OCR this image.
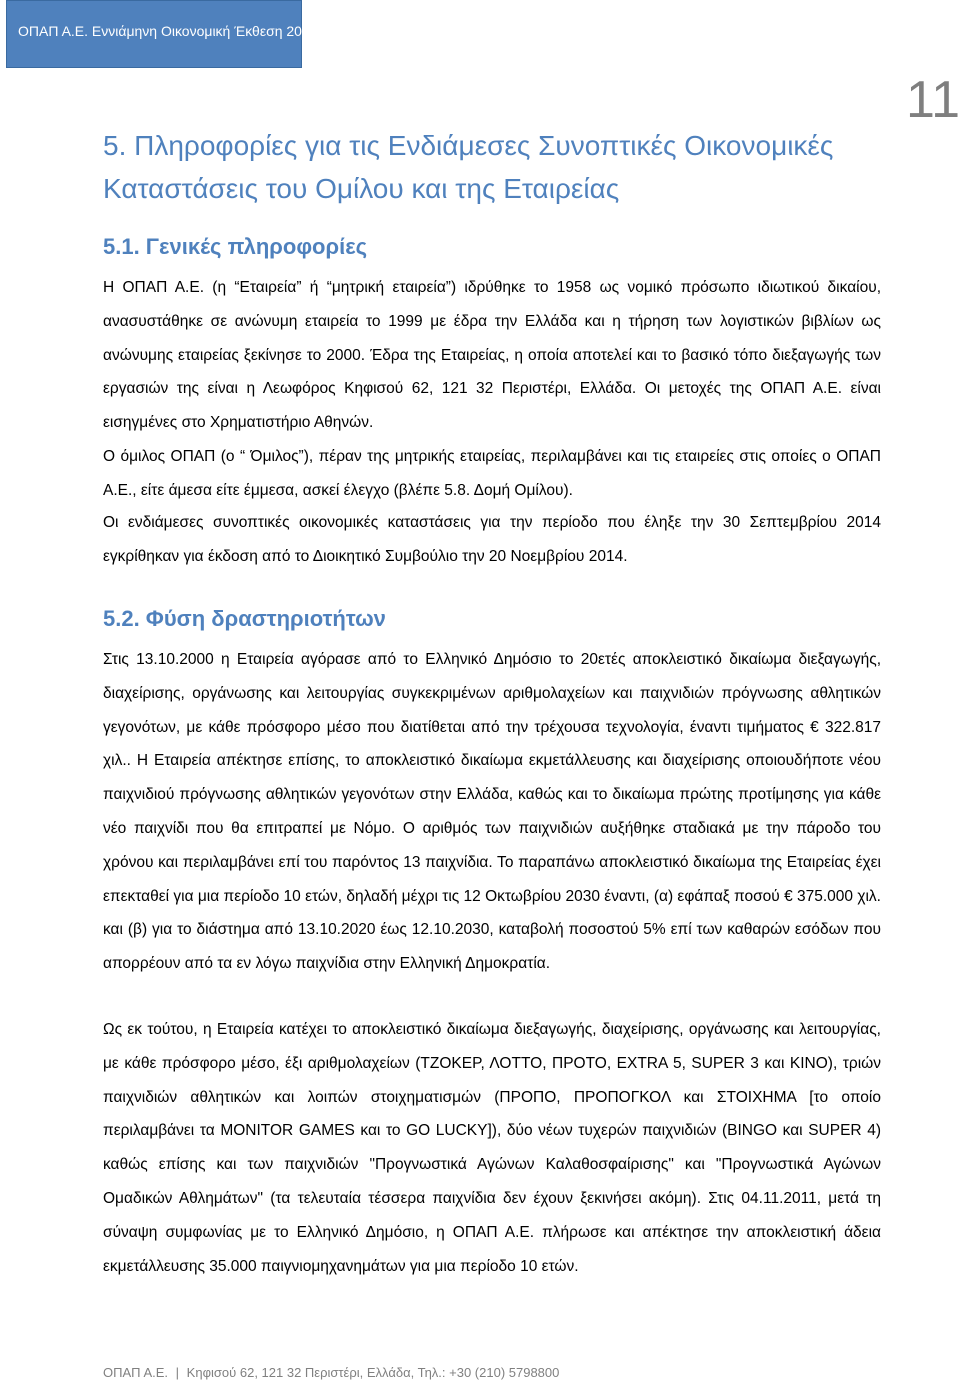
ΟΠΑΠ Α.Ε. Εννιάμηνη Οικονομική Έκθεση 2014
11
5. Πληροφορίες για τις Ενδιάμεσες Συνοπτικές Οικονομικές Καταστάσεις του Ομίλου και της Εταιρείας
5.1. Γενικές πληροφορίες

Η ΟΠΑΠ Α.Ε. (η “Εταιρεία” ή “μητρική εταιρεία”) ιδρύθηκε το 1958 ως νομικό πρόσωπο ιδιωτικού δικαίου, ανασυστάθηκε σε ανώνυμη εταιρεία το 1999 με έδρα την Ελλάδα και η τήρηση των λογιστικών βιβλίων ως ανώνυμης εταιρείας ξεκίνησε το 2000. Έδρα της Εταιρείας, η οποία αποτελεί και το βασικό τόπο διεξαγωγής των εργασιών της είναι η Λεωφόρος Κηφισού 62, 121 32 Περιστέρι, Ελλάδα. Οι μετοχές της ΟΠΑΠ Α.Ε. είναι εισηγμένες στο Χρηματιστήριο Αθηνών.

Ο όμιλος ΟΠΑΠ (ο “ Όμιλος”), πέραν της μητρικής εταιρείας, περιλαμβάνει και τις εταιρείες στις οποίες ο ΟΠΑΠ Α.Ε., είτε άμεσα είτε έμμεσα, ασκεί έλεγχο (βλέπε 5.8. Δομή Ομίλου).

Οι ενδιάμεσες συνοπτικές οικονομικές καταστάσεις για την περίοδο που έληξε την 30 Σεπτεμβρίου 2014 εγκρίθηκαν για έκδοση από το Διοικητικό Συμβούλιο την 20 Νοεμβρίου 2014.

5.2. Φύση δραστηριοτήτων

Στις 13.10.2000 η Εταιρεία αγόρασε από το Ελληνικό Δημόσιο το 20ετές αποκλειστικό δικαίωμα διεξαγωγής, διαχείρισης, οργάνωσης και λειτουργίας συγκεκριμένων αριθμολαχείων και παιχνιδιών πρόγνωσης αθλητικών γεγονότων, με κάθε πρόσφορο μέσο που διατίθεται από την τρέχουσα τεχνολογία, έναντι τιμήματος € 322.817 χιλ.. Η Εταιρεία απέκτησε επίσης, το αποκλειστικό δικαίωμα εκμετάλλευσης και διαχείρισης οποιουδήποτε νέου παιχνιδιού πρόγνωσης αθλητικών γεγονότων στην Ελλάδα, καθώς και το δικαίωμα πρώτης προτίμησης για κάθε νέο παιχνίδι που θα επιτραπεί με Νόμο. Ο αριθμός των παιχνιδιών αυξήθηκε σταδιακά με την πάροδο του χρόνου και περιλαμβάνει επί του παρόντος 13 παιχνίδια. Το παραπάνω αποκλειστικό δικαίωμα της Εταιρείας έχει επεκταθεί για μια περίοδο 10 ετών, δηλαδή μέχρι τις 12 Οκτωβρίου 2030 έναντι, (α) εφάπαξ ποσού € 375.000 χιλ. και (β) για το διάστημα από 13.10.2020 έως 12.10.2030, καταβολή ποσοστού 5% επί των καθαρών εσόδων που απορρέουν από τα εν λόγω παιχνίδια στην Ελληνική Δημοκρατία.

Ως εκ τούτου, η Εταιρεία κατέχει το αποκλειστικό δικαίωμα διεξαγωγής, διαχείρισης, οργάνωσης και λειτουργίας, με κάθε πρόσφορο μέσο, έξι αριθμολαχείων (ΤΖΟΚΕΡ, ΛΟΤΤΟ, ΠΡΟΤΟ, EXTRA 5, SUPER 3 και ΚΙΝΟ), τριών παιχνιδιών αθλητικών και λοιπών στοιχηματισμών (ΠΡΟΠΟ, ΠΡΟΠΟΓΚΟΛ και ΣΤΟΙΧΗΜΑ [το οποίο περιλαμβάνει τα MONITOR GAMES και το GO LUCKY]), δύο νέων τυχερών παιχνιδιών (BINGO και SUPER 4) καθώς επίσης και των παιχνιδιών "Προγνωστικά Αγώνων Καλαθοσφαίρισης" και "Προγνωστικά Αγώνων Ομαδικών Αθλημάτων" (τα τελευταία τέσσερα παιχνίδια δεν έχουν ξεκινήσει ακόμη). Στις 04.11.2011, μετά τη σύναψη συμφωνίας με το Ελληνικό Δημόσιο, η ΟΠΑΠ Α.Ε. πλήρωσε και απέκτησε την αποκλειστική άδεια εκμετάλλευσης 35.000 παιγνιομηχανημάτων για μια περίοδο 10 ετών.

ΟΠΑΠ Α.Ε. | Κηφισού 62, 121 32 Περιστέρι, Ελλάδα, Τηλ.: +30 (210) 5798800
